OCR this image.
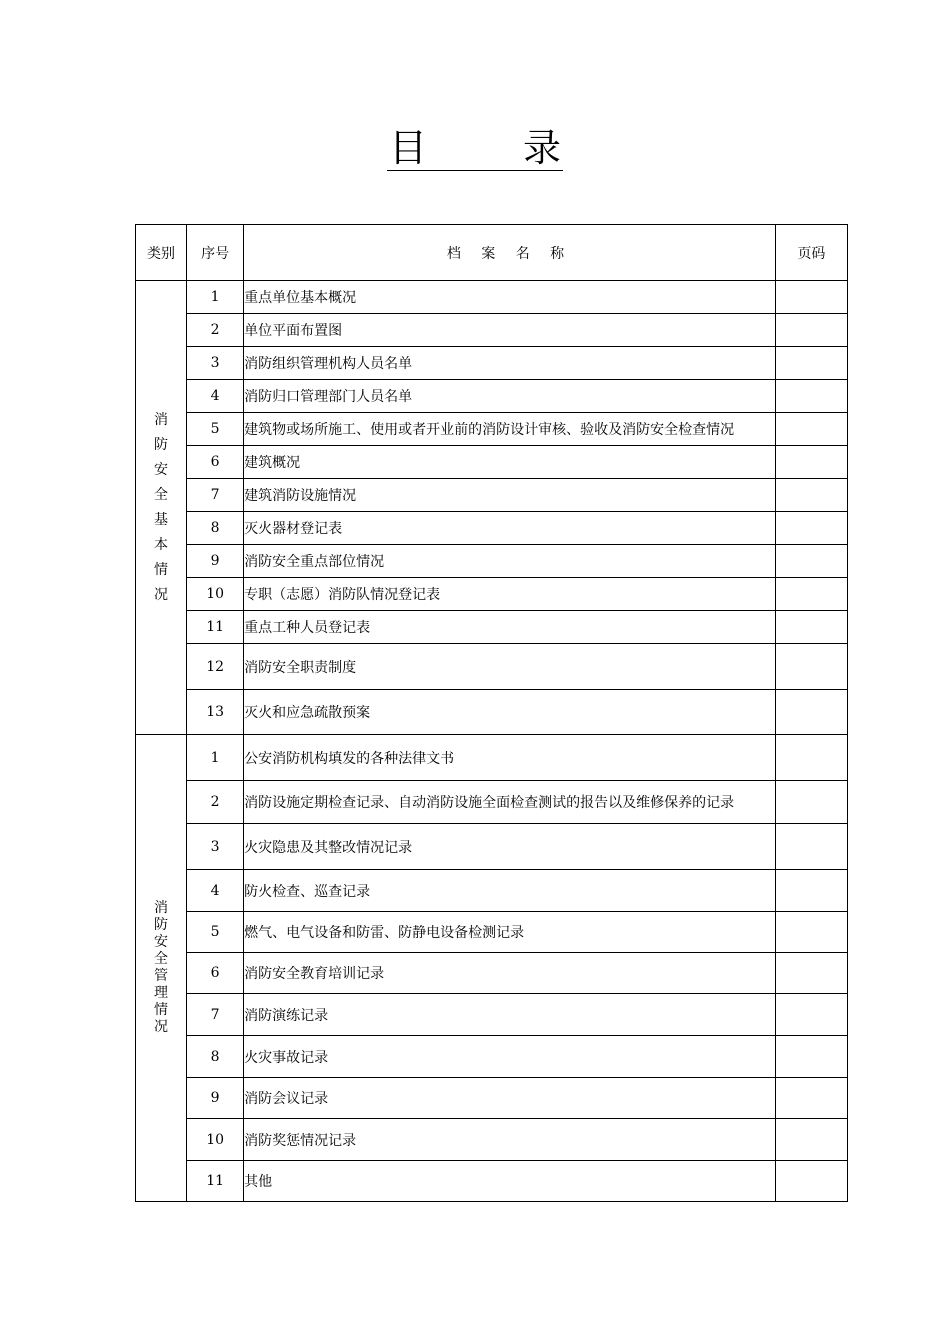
目	录
类别	序号	档 案 名 称	页码

消防安全基本情况	1	重点单位基本概况	
	2	单位平面布置图	
	3	消防组织管理机构人员名单	
	4	消防归口管理部门人员名单	
	5	建筑物或场所施工、使用或者开业前的消防设计审核、验收及消防安全检查情况	
	6	建筑概况	
	7	建筑消防设施情况	
	8	灭火器材登记表	
	9	消防安全重点部位情况	
	10	专职（志愿）消防队情况登记表	
	11	重点工种人员登记表	
	12	消防安全职责制度	
	13	灭火和应急疏散预案	

消防安全管理情况	1	公安消防机构填发的各种法律文书	
	2	消防设施定期检查记录、自动消防设施全面检查测试的报告以及维修保养的记录	
	3	火灾隐患及其整改情况记录	
	4	防火检查、巡查记录	
	5	燃气、电气设备和防雷、防静电设备检测记录	
	6	消防安全教育培训记录	
	7	消防演练记录	
	8	火灾事故记录	
	9	消防会议记录	
	10	消防奖惩情况记录	
	11	其他	
